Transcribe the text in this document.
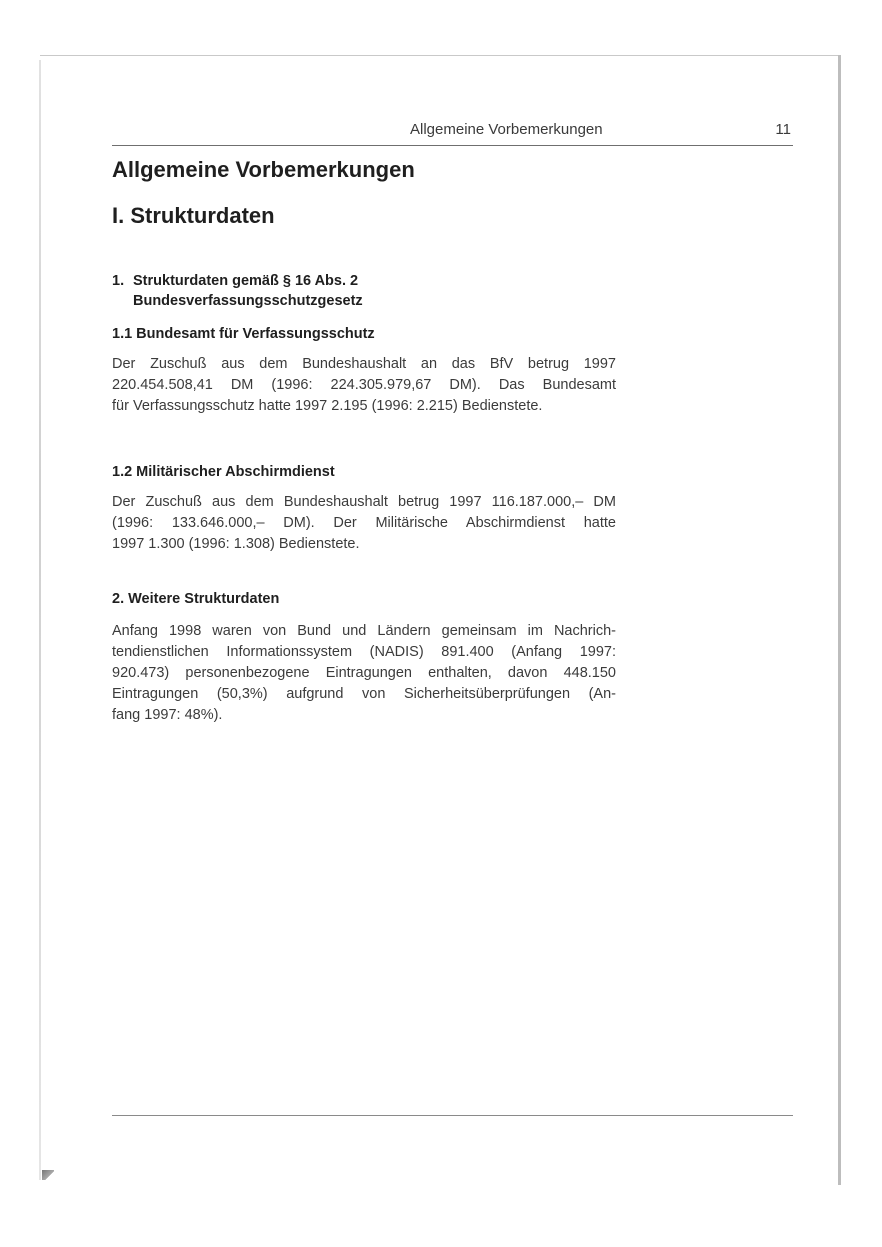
Allgemeine Vorbemerkungen	11
Allgemeine Vorbemerkungen
I. Strukturdaten
1. Strukturdaten gemäß § 16 Abs. 2
Bundesverfassungsschutzgesetz
1.1 Bundesamt für Verfassungsschutz
Der Zuschuß aus dem Bundeshaushalt an das BfV betrug 1997
220.454.508,41 DM (1996: 224.305.979,67 DM). Das Bundesamt
für Verfassungsschutz hatte 1997 2.195 (1996: 2.215) Bedienstete.
1.2 Militärischer Abschirmdienst
Der Zuschuß aus dem Bundeshaushalt betrug 1997 116.187.000,– DM
(1996: 133.646.000,– DM). Der Militärische Abschirmdienst hatte
1997 1.300 (1996: 1.308) Bedienstete.
2. Weitere Strukturdaten
Anfang 1998 waren von Bund und Ländern gemeinsam im Nachrich-
tendienstlichen Informationssystem (NADIS) 891.400 (Anfang 1997:
920.473) personenbezogene Eintragungen enthalten, davon 448.150
Eintragungen (50,3%) aufgrund von Sicherheitsüberprüfungen (An-
fang 1997: 48%).
